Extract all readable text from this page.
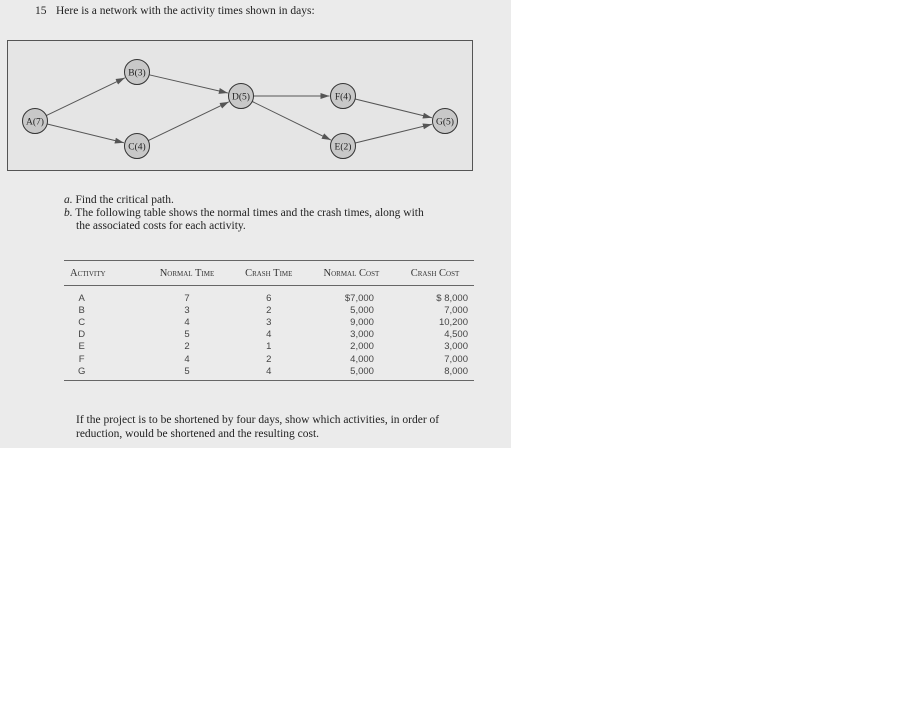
15 Here is a network with the activity times shown in days:
A(7)
B(3)
C(4)
D(5)	F(4)
E(2)
G(5)
a. Find the critical path.
b. The following table shows the normal times and the crash times, along with
the associated costs for each activity.
Activity	Normal Time	Crash Time	Normal Cost	Crash Cost
A	7	6	$7,000	$ 8,000
B	3	2	5,000	7,000
C	4	3	9,000	10,200
D	5	4	3,000	4,500
E	2	1	2,000	3,000
F	4	2	4,000	7,000
G	5	4	5,000	8,000
If the project is to be shortened by four days, show which activities, in order of
reduction, would be shortened and the resulting cost.
